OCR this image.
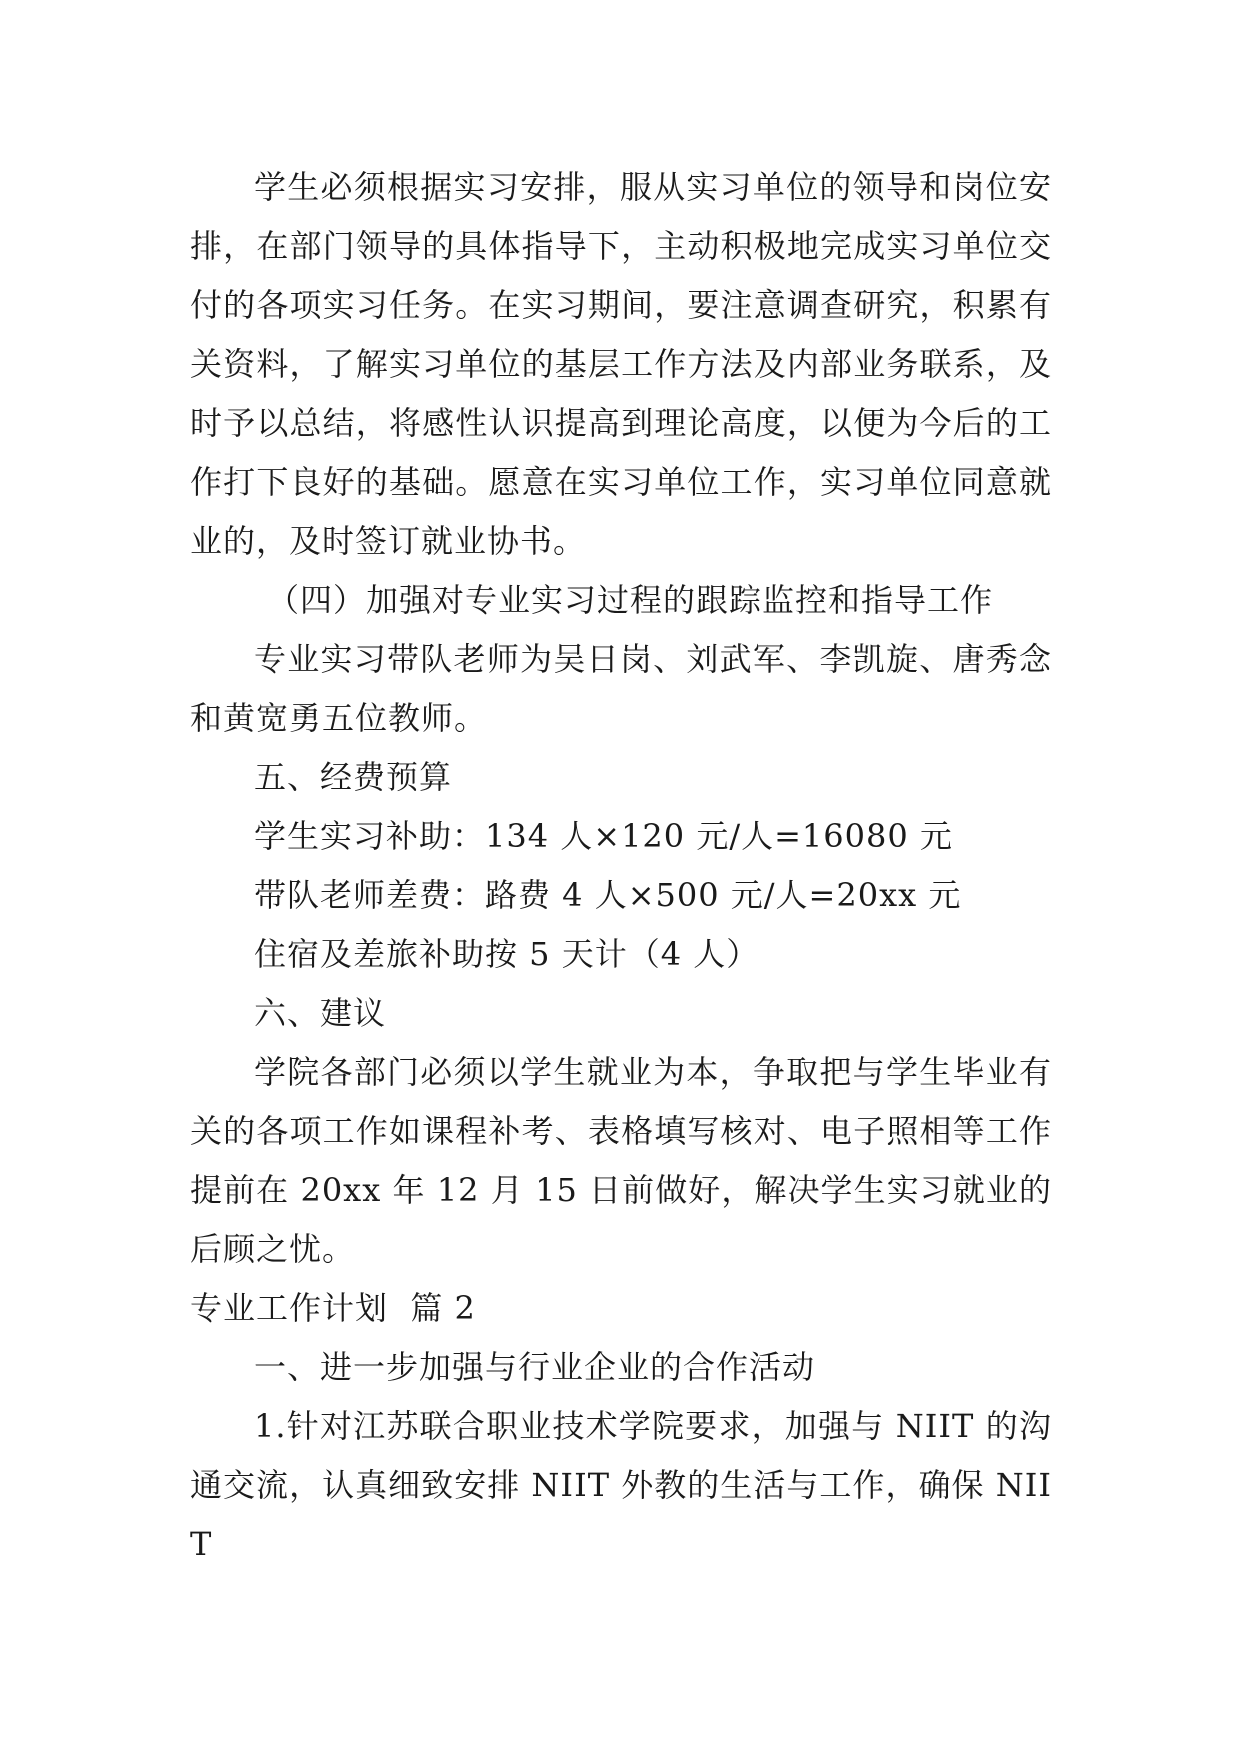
学生必须根据实习安排，服从实习单位的领导和岗位安排，在部门领导的具体指导下，主动积极地完成实习单位交付的各项实习任务。在实习期间，要注意调查研究，积累有关资料，了解实习单位的基层工作方法及内部业务联系，及时予以总结，将感性认识提高到理论高度，以便为今后的工作打下良好的基础。愿意在实习单位工作，实习单位同意就业的，及时签订就业协书。

（四）加强对专业实习过程的跟踪监控和指导工作

专业实习带队老师为吴日岗、刘武军、李凯旋、唐秀念和黄宽勇五位教师。

五、经费预算

学生实习补助：134 人×120 元/人=16080 元

带队老师差费：路费 4 人×500 元/人=20xx 元

住宿及差旅补助按 5 天计（4 人）

六、建议

学院各部门必须以学生就业为本，争取把与学生毕业有关的各项工作如课程补考、表格填写核对、电子照相等工作提前在 20xx 年 12 月 15 日前做好，解决学生实习就业的后顾之忧。

专业工作计划  篇 2

一、进一步加强与行业企业的合作活动

1.针对江苏联合职业技术学院要求，加强与 NIIT 的沟通交流，认真细致安排 NIIT 外教的生活与工作，确保 NIIT
